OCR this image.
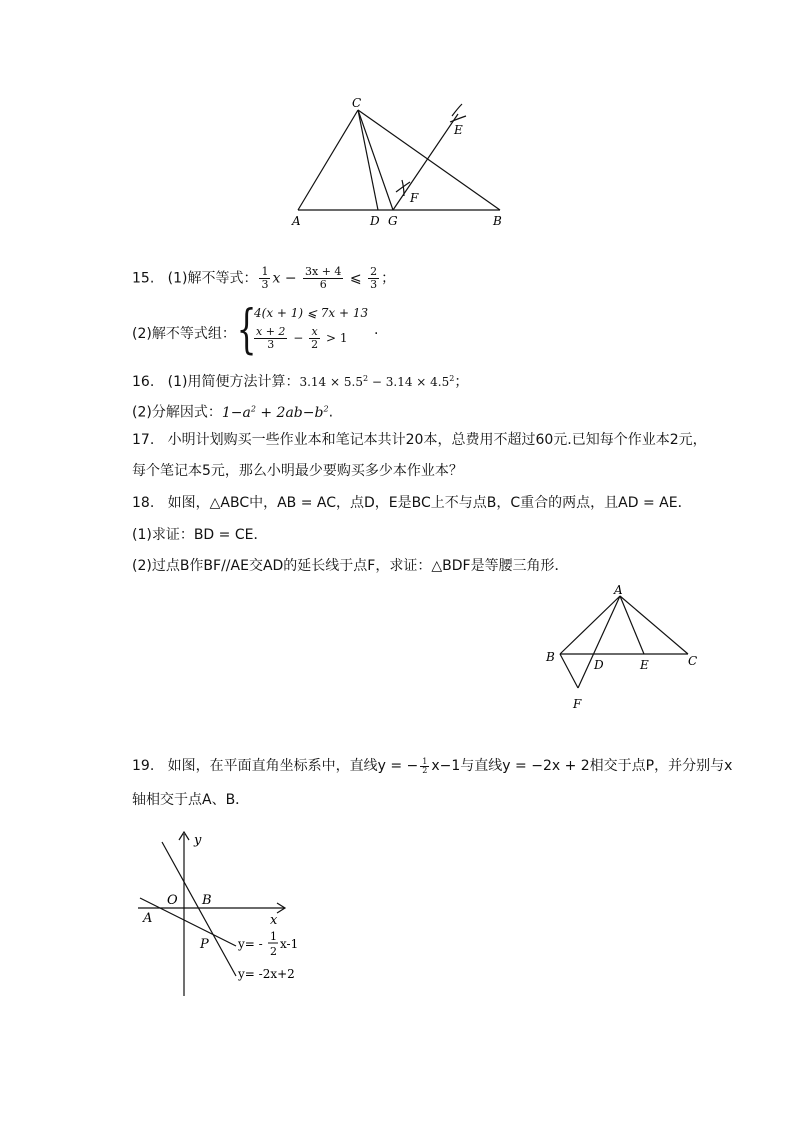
C
E
F
A	D G	B
15. (1)解不等式： $\frac{1}{3}$ $x - \frac{3x + 4}{6}$ ⩽ $\frac{2}{3}$ ；
(2)解不等式组： {
4(x + 1) ⩽ 7x + 13
$\frac{x + 2}{3} - \frac{x}{2} > 1$ .
16. (1)用简便方法计算：$3.14 \times 5.5^2 - 3.14 \times 4.5^2$；
(2)分解因式：$1-a^2 + 2ab-b^2$.
17. 小明计划购买一些作业本和笔记本共计20本，总费用不超过60元.已知每个作业本2元，
每个笔记本5元，那么小明最少要购买多少本作业本？
18. 如图，△ABC中，AB = AC，点D，E是BC上不与点B，C重合的两点，且AD = AE．
(1)求证：BD = CE．
(2)过点B作BF//AE交AD的延长线于点F，求证：△BDF是等腰三角形．
A
B
D	E	C
F
19. 如图，在平面直角坐标系中，直线y = − $\frac{1}{2} x-1$与直线y = −2x + 2相交于点P，并分别与x
轴相交于点A、B．
y
O B
A	x
P y= -
1
2
x-1
y= -2x+2
